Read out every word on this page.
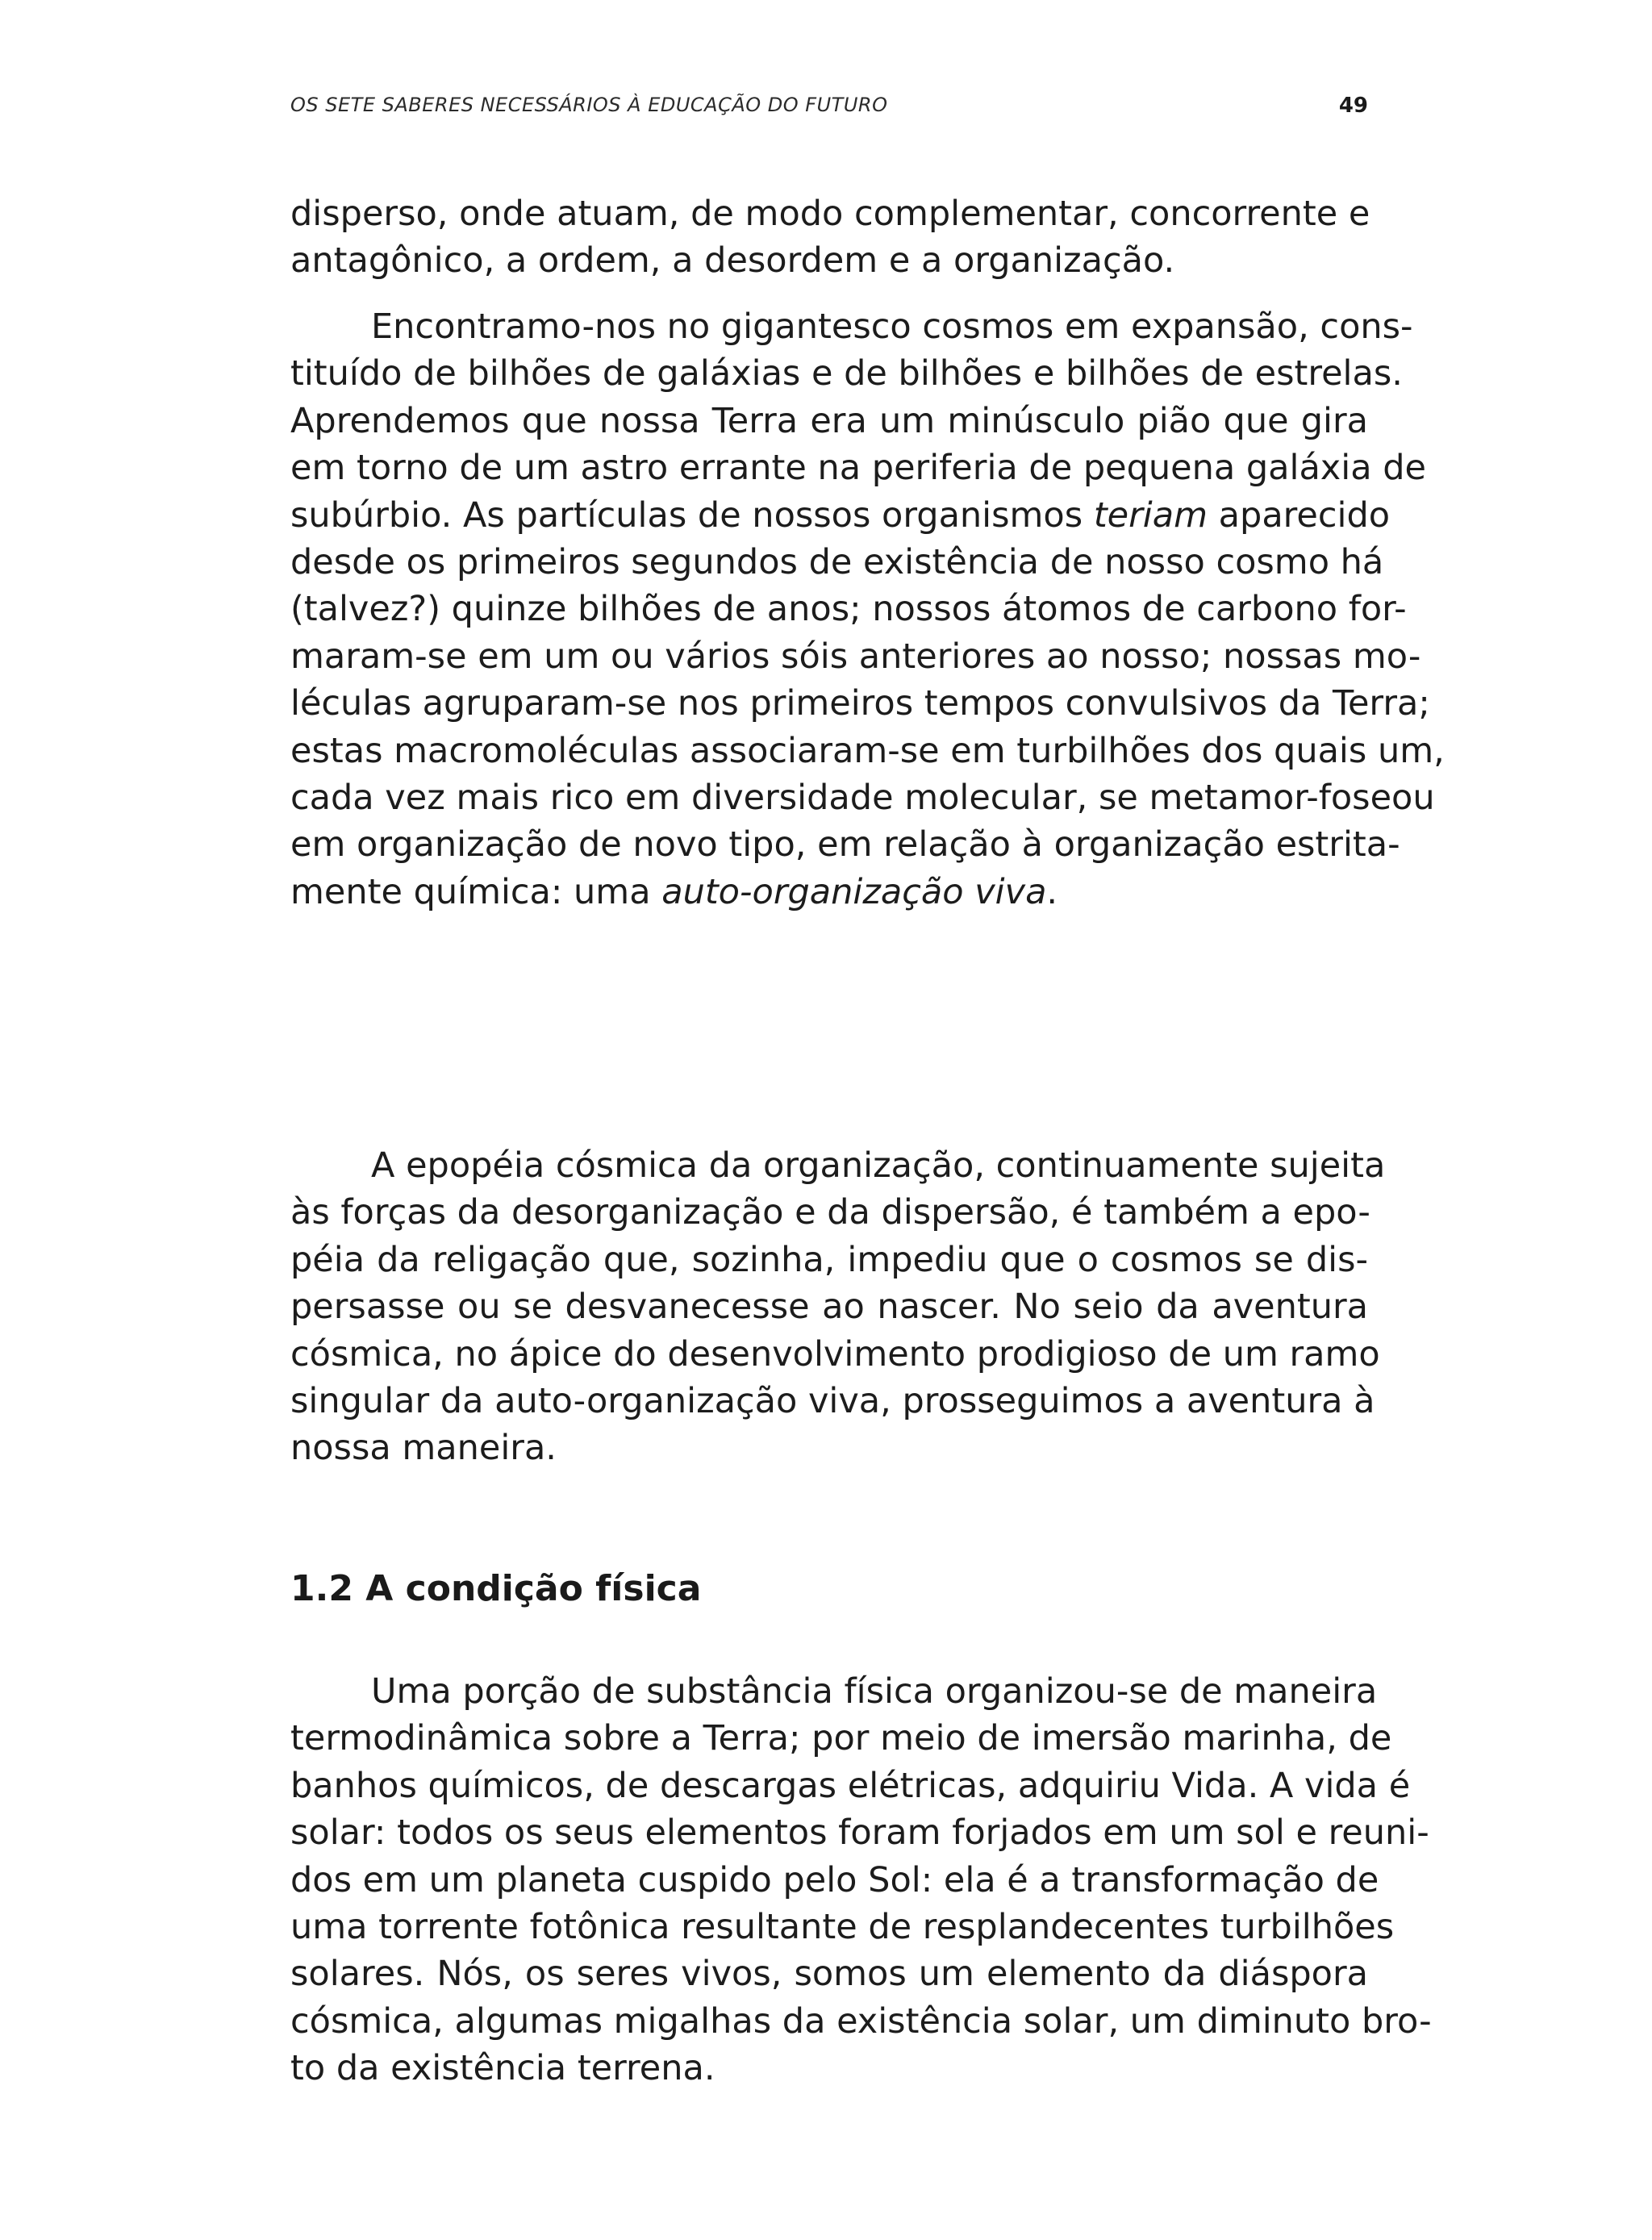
OS SETE SABERES NECESSÁRIOS À EDUCAÇÃO DO FUTURO	49
disperso, onde atuam, de modo complementar, concorrente e
antagônico, a ordem, a desordem e a organização.
Encontramo-nos no gigantesco cosmos em expansão, cons-
tituído de bilhões de galáxias e de bilhões e bilhões de estrelas.
Aprendemos que nossa Terra era um minúsculo pião que gira
em torno de um astro errante na periferia de pequena galáxia de
subúrbio. As partículas de nossos organismos teriam aparecido
desde os primeiros segundos de existência de nosso cosmo há
(talvez?) quinze bilhões de anos; nossos átomos de carbono for-
maram-se em um ou vários sóis anteriores ao nosso; nossas mo-
léculas agruparam-se nos primeiros tempos convulsivos da Terra;
estas macromoléculas associaram-se em turbilhões dos quais um,
cada vez mais rico em diversidade molecular, se metamor-foseou
em organização de novo tipo, em relação à organização estrita-
mente química: uma auto-organização viva.
A epopéia cósmica da organização, continuamente sujeita
às forças da desorganização e da dispersão, é também a epo-
péia da religação que, sozinha, impediu que o cosmos se dis-
persasse ou se desvanecesse ao nascer. No seio da aventura
cósmica, no ápice do desenvolvimento prodigioso de um ramo
singular da auto-organização viva, prosseguimos a aventura à
nossa maneira.
1.2 A condição física
Uma porção de substância física organizou-se de maneira
termodinâmica sobre a Terra; por meio de imersão marinha, de
banhos químicos, de descargas elétricas, adquiriu Vida. A vida é
solar: todos os seus elementos foram forjados em um sol e reuni-
dos em um planeta cuspido pelo Sol: ela é a transformação de
uma torrente fotônica resultante de resplandecentes turbilhões
solares. Nós, os seres vivos, somos um elemento da diáspora
cósmica, algumas migalhas da existência solar, um diminuto bro-
to da existência terrena.
